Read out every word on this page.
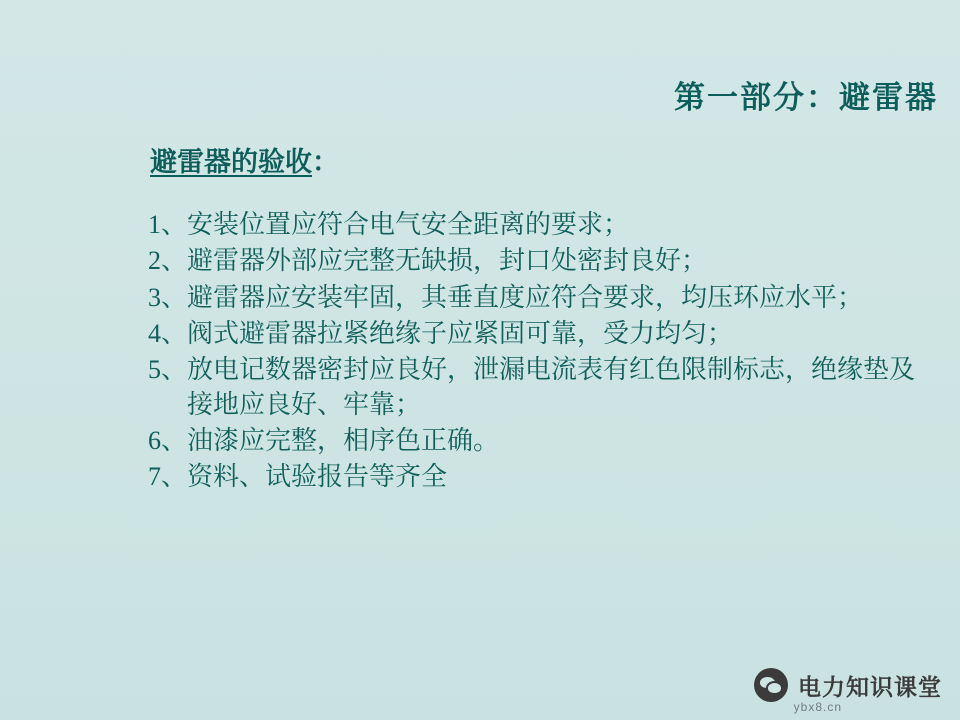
第一部分：避雷器
避雷器的验收：
1、 安装位置应符合电气安全距离的要求；
2、 避雷器外部应完整无缺损，封口处密封良好；
3、 避雷器应安装牢固，其垂直度应符合要求，均压环应水平；
4、 阀式避雷器拉紧绝缘子应紧固可靠，受力均匀；
5、 放电记数器密封应良好，泄漏电流表有红色限制标志，绝缘垫及接地应良好、牢靠；
6、 油漆应完整，相序色正确。
7、 资料、试验报告等齐全
电力知识课堂
ybx8.cn
